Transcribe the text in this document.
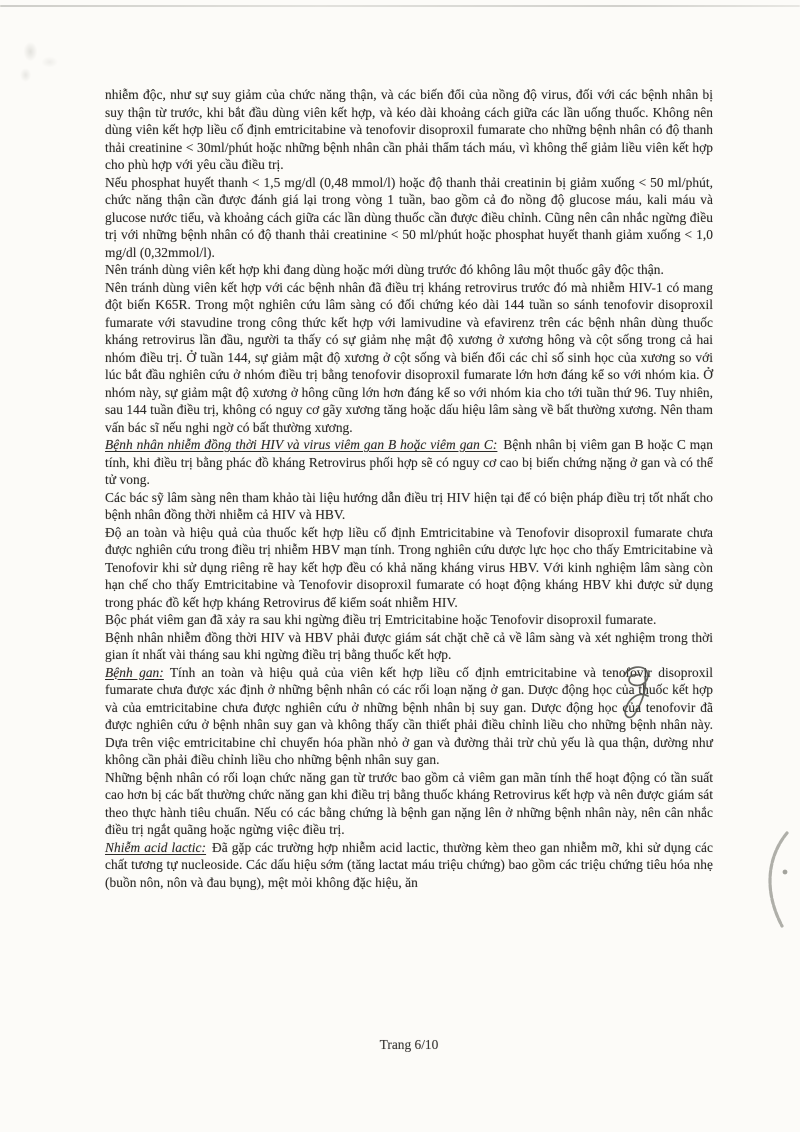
nhiễm độc, như sự suy giảm của chức năng thận, và các biến đổi của nồng độ virus, đối với các bệnh nhân bị suy thận từ trước, khi bắt đầu dùng viên kết hợp, và kéo dài khoảng cách giữa các lần uống thuốc. Không nên dùng viên kết hợp liều cố định emtricitabine và tenofovir disoproxil fumarate cho những bệnh nhân có độ thanh thải creatinine < 30ml/phút hoặc những bệnh nhân cần phải thẩm tách máu, vì không thể giảm liều viên kết hợp cho phù hợp với yêu cầu điều trị.

Nếu phosphat huyết thanh < 1,5 mg/dl (0,48 mmol/l) hoặc độ thanh thải creatinin bị giảm xuống < 50 ml/phút, chức năng thận cần được đánh giá lại trong vòng 1 tuần, bao gồm cả đo nồng độ glucose máu, kali máu và glucose nước tiểu, và khoảng cách giữa các lần dùng thuốc cần được điều chỉnh. Cũng nên cân nhắc ngừng điều trị với những bệnh nhân có độ thanh thải creatinine < 50 ml/phút hoặc phosphat huyết thanh giảm xuống < 1,0 mg/dl (0,32mmol/l).

Nên tránh dùng viên kết hợp khi đang dùng hoặc mới dùng trước đó không lâu một thuốc gây độc thận.

Nên tránh dùng viên kết hợp với các bệnh nhân đã điều trị kháng retrovirus trước đó mà nhiễm HIV-1 có mang đột biến K65R. Trong một nghiên cứu lâm sàng có đối chứng kéo dài 144 tuần so sánh tenofovir disoproxil fumarate với stavudine trong công thức kết hợp với lamivudine và efavirenz trên các bệnh nhân dùng thuốc kháng retrovirus lần đầu, người ta thấy có sự giảm nhẹ mật độ xương ở xương hông và cột sống trong cả hai nhóm điều trị. Ở tuần 144, sự giảm mật độ xương ở cột sống và biến đổi các chỉ số sinh học của xương so với lúc bắt đầu nghiên cứu ở nhóm điều trị bằng tenofovir disoproxil fumarate lớn hơn đáng kể so với nhóm kia. Ở nhóm này, sự giảm mật độ xương ở hông cũng lớn hơn đáng kể so với nhóm kia cho tới tuần thứ 96. Tuy nhiên, sau 144 tuần điều trị, không có nguy cơ gãy xương tăng hoặc dấu hiệu lâm sàng về bất thường xương. Nên tham vấn bác sĩ nếu nghi ngờ có bất thường xương.

Bệnh nhân nhiễm đồng thời HIV và virus viêm gan B hoặc viêm gan C: Bệnh nhân bị viêm gan B hoặc C mạn tính, khi điều trị bằng phác đồ kháng Retrovirus phối hợp sẽ có nguy cơ cao bị biến chứng nặng ở gan và có thể tử vong.

Các bác sỹ lâm sàng nên tham khảo tài liệu hướng dẫn điều trị HIV hiện tại để có biện pháp điều trị tốt nhất cho bệnh nhân đồng thời nhiễm cả HIV và HBV.

Độ an toàn và hiệu quả của thuốc kết hợp liều cố định Emtricitabine và Tenofovir disoproxil fumarate chưa được nghiên cứu trong điều trị nhiễm HBV mạn tính. Trong nghiên cứu dược lực học cho thấy Emtricitabine và Tenofovir khi sử dụng riêng rẽ hay kết hợp đều có khả năng kháng virus HBV. Với kinh nghiệm lâm sàng còn hạn chế cho thấy Emtricitabine và Tenofovir disoproxil fumarate có hoạt động kháng HBV khi được sử dụng trong phác đồ kết hợp kháng Retrovirus để kiểm soát nhiễm HIV.

Bộc phát viêm gan đã xảy ra sau khi ngừng điều trị Emtricitabine hoặc Tenofovir disoproxil fumarate.

Bệnh nhân nhiễm đồng thời HIV và HBV phải được giám sát chặt chẽ cả về lâm sàng và xét nghiệm trong thời gian ít nhất vài tháng sau khi ngừng điều trị bằng thuốc kết hợp.

Bệnh gan: Tính an toàn và hiệu quả của viên kết hợp liều cố định emtricitabine và tenofovir disoproxil fumarate chưa được xác định ở những bệnh nhân có các rối loạn nặng ở gan. Dược động học của thuốc kết hợp và của emtricitabine chưa được nghiên cứu ở những bệnh nhân bị suy gan. Dược động học của tenofovir đã được nghiên cứu ở bệnh nhân suy gan và không thấy cần thiết phải điều chỉnh liều cho những bệnh nhân này. Dựa trên việc emtricitabine chỉ chuyển hóa phần nhỏ ở gan và đường thải trừ chủ yếu là qua thận, dường như không cần phải điều chỉnh liều cho những bệnh nhân suy gan.

Những bệnh nhân có rối loạn chức năng gan từ trước bao gồm cả viêm gan mãn tính thể hoạt động có tần suất cao hơn bị các bất thường chức năng gan khi điều trị bằng thuốc kháng Retrovirus kết hợp và nên được giám sát theo thực hành tiêu chuẩn. Nếu có các bằng chứng là bệnh gan nặng lên ở những bệnh nhân này, nên cân nhắc điều trị ngắt quãng hoặc ngừng việc điều trị.

Nhiễm acid lactic: Đã gặp các trường hợp nhiễm acid lactic, thường kèm theo gan nhiễm mỡ, khi sử dụng các chất tương tự nucleoside. Các dấu hiệu sớm (tăng lactat máu triệu chứng) bao gồm các triệu chứng tiêu hóa nhẹ (buồn nôn, nôn và đau bụng), mệt mỏi không đặc hiệu, ăn

Trang 6/10
